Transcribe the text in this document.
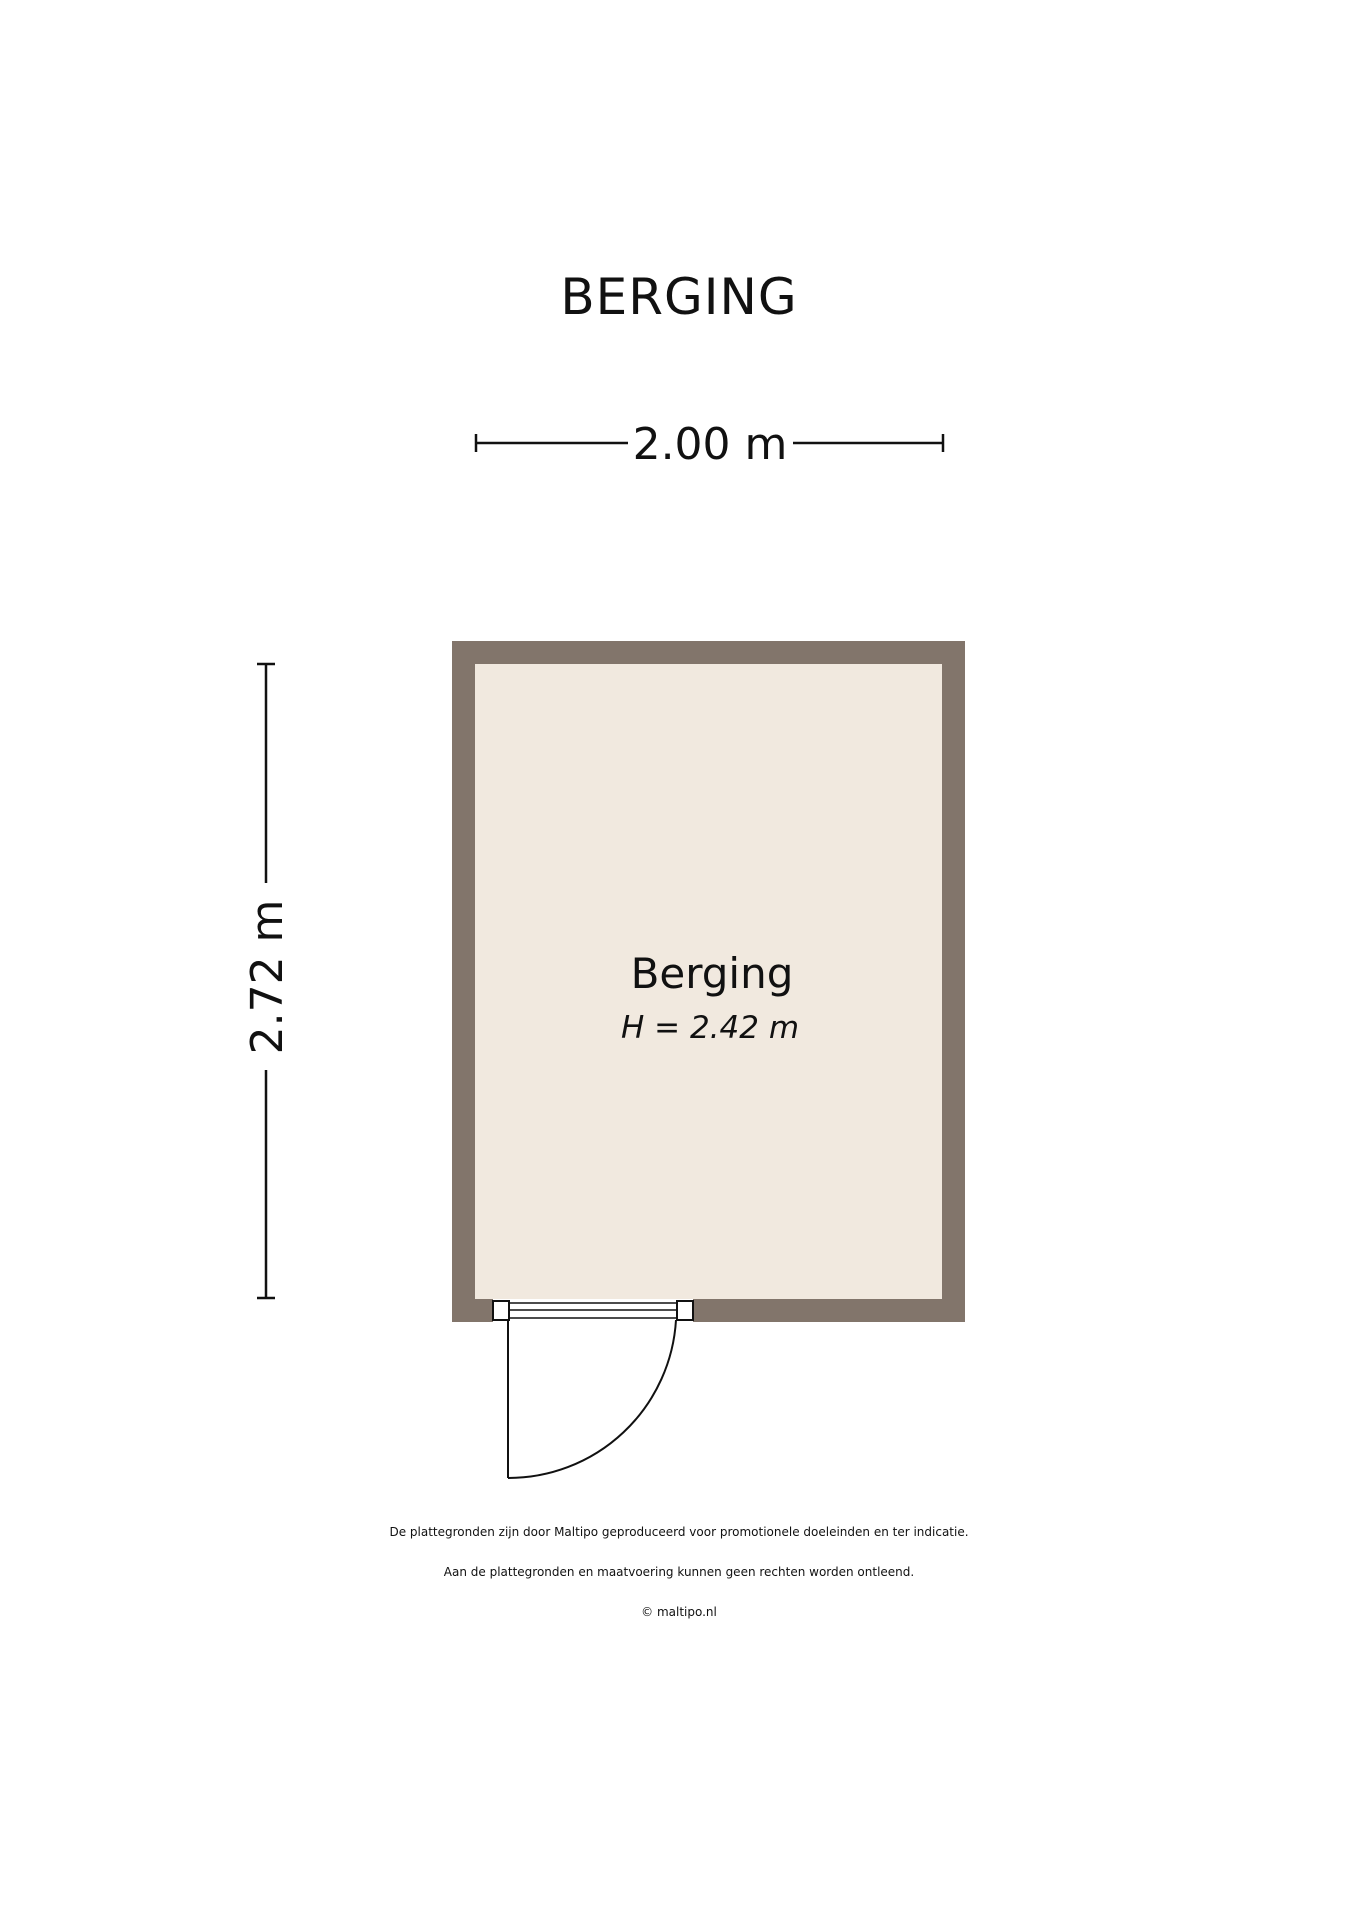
BERGING
2.00 m
2.72 m	Berging
H = 2.42 m
De plattegronden zijn door Maltipo geproduceerd voor promotionele doeleinden en ter indicatie.
Aan de plattegronden en maatvoering kunnen geen rechten worden ontleend.
© maltipo.nl
